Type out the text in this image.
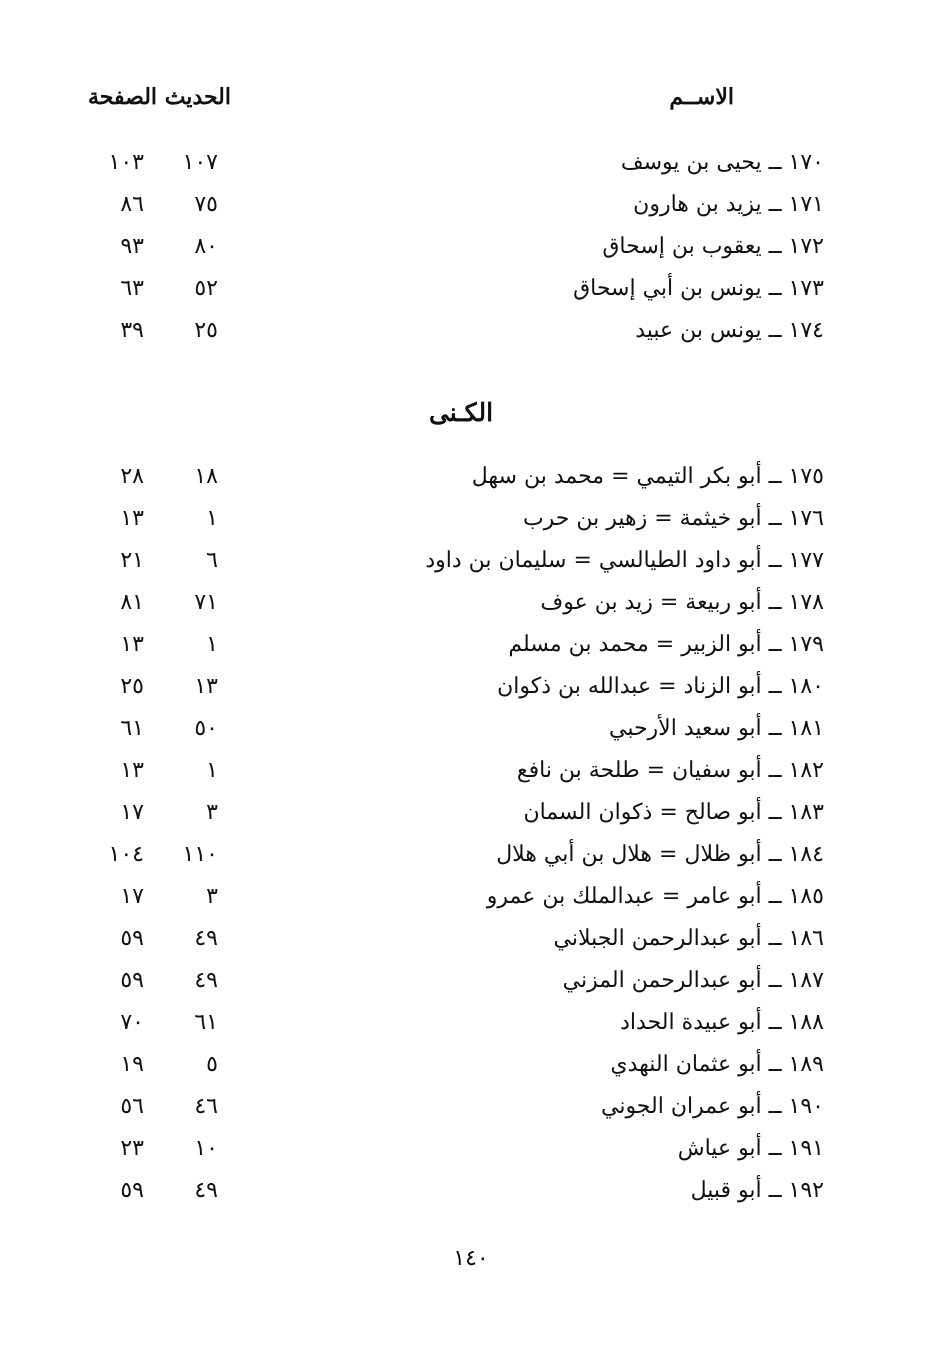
الاســم
الحديث الصفحة
١٧٠ ــ يحيى بن يوسف
١٠٧
١٠٣
١٧١ ــ يزيد بن هارون
٧٥
٨٦
١٧٢ ــ يعقوب بن إسحاق
٨٠
٩٣
١٧٣ ــ يونس بن أبي إسحاق
٥٢
٦٣
١٧٤ ــ يونس بن عبيد
٢٥
٣٩
الكـنى
١٧٥ ــ أبو بكر التيمي = محمد بن سهل
١٨
٢٨
١٧٦ ــ أبو خيثمة = زهير بن حرب
١
١٣
١٧٧ ــ أبو داود الطيالسي = سليمان بن داود
٦
٢١
١٧٨ ــ أبو ربيعة = زيد بن عوف
٧١
٨١
١٧٩ ــ أبو الزبير = محمد بن مسلم
١
١٣
١٨٠ ــ أبو الزناد = عبدالله بن ذكوان
١٣
٢٥
١٨١ ــ أبو سعيد الأرحبي
٥٠
٦١
١٨٢ ــ أبو سفيان = طلحة بن نافع
١
١٣
١٨٣ ــ أبو صالح = ذكوان السمان
٣
١٧
١٨٤ ــ أبو ظلال = هلال بن أبي هلال
١١٠
١٠٤
١٨٥ ــ أبو عامر = عبدالملك بن عمرو
٣
١٧
١٨٦ ــ أبو عبدالرحمن الجبلاني
٤٩
٥٩
١٨٧ ــ أبو عبدالرحمن المزني
٤٩
٥٩
١٨٨ ــ أبو عبيدة الحداد
٦١
٧٠
١٨٩ ــ أبو عثمان النهدي
٥
١٩
١٩٠ ــ أبو عمران الجوني
٤٦
٥٦
١٩١ ــ أبو عياش
١٠
٢٣
١٩٢ ــ أبو قبيل
٤٩
٥٩
١٤٠
